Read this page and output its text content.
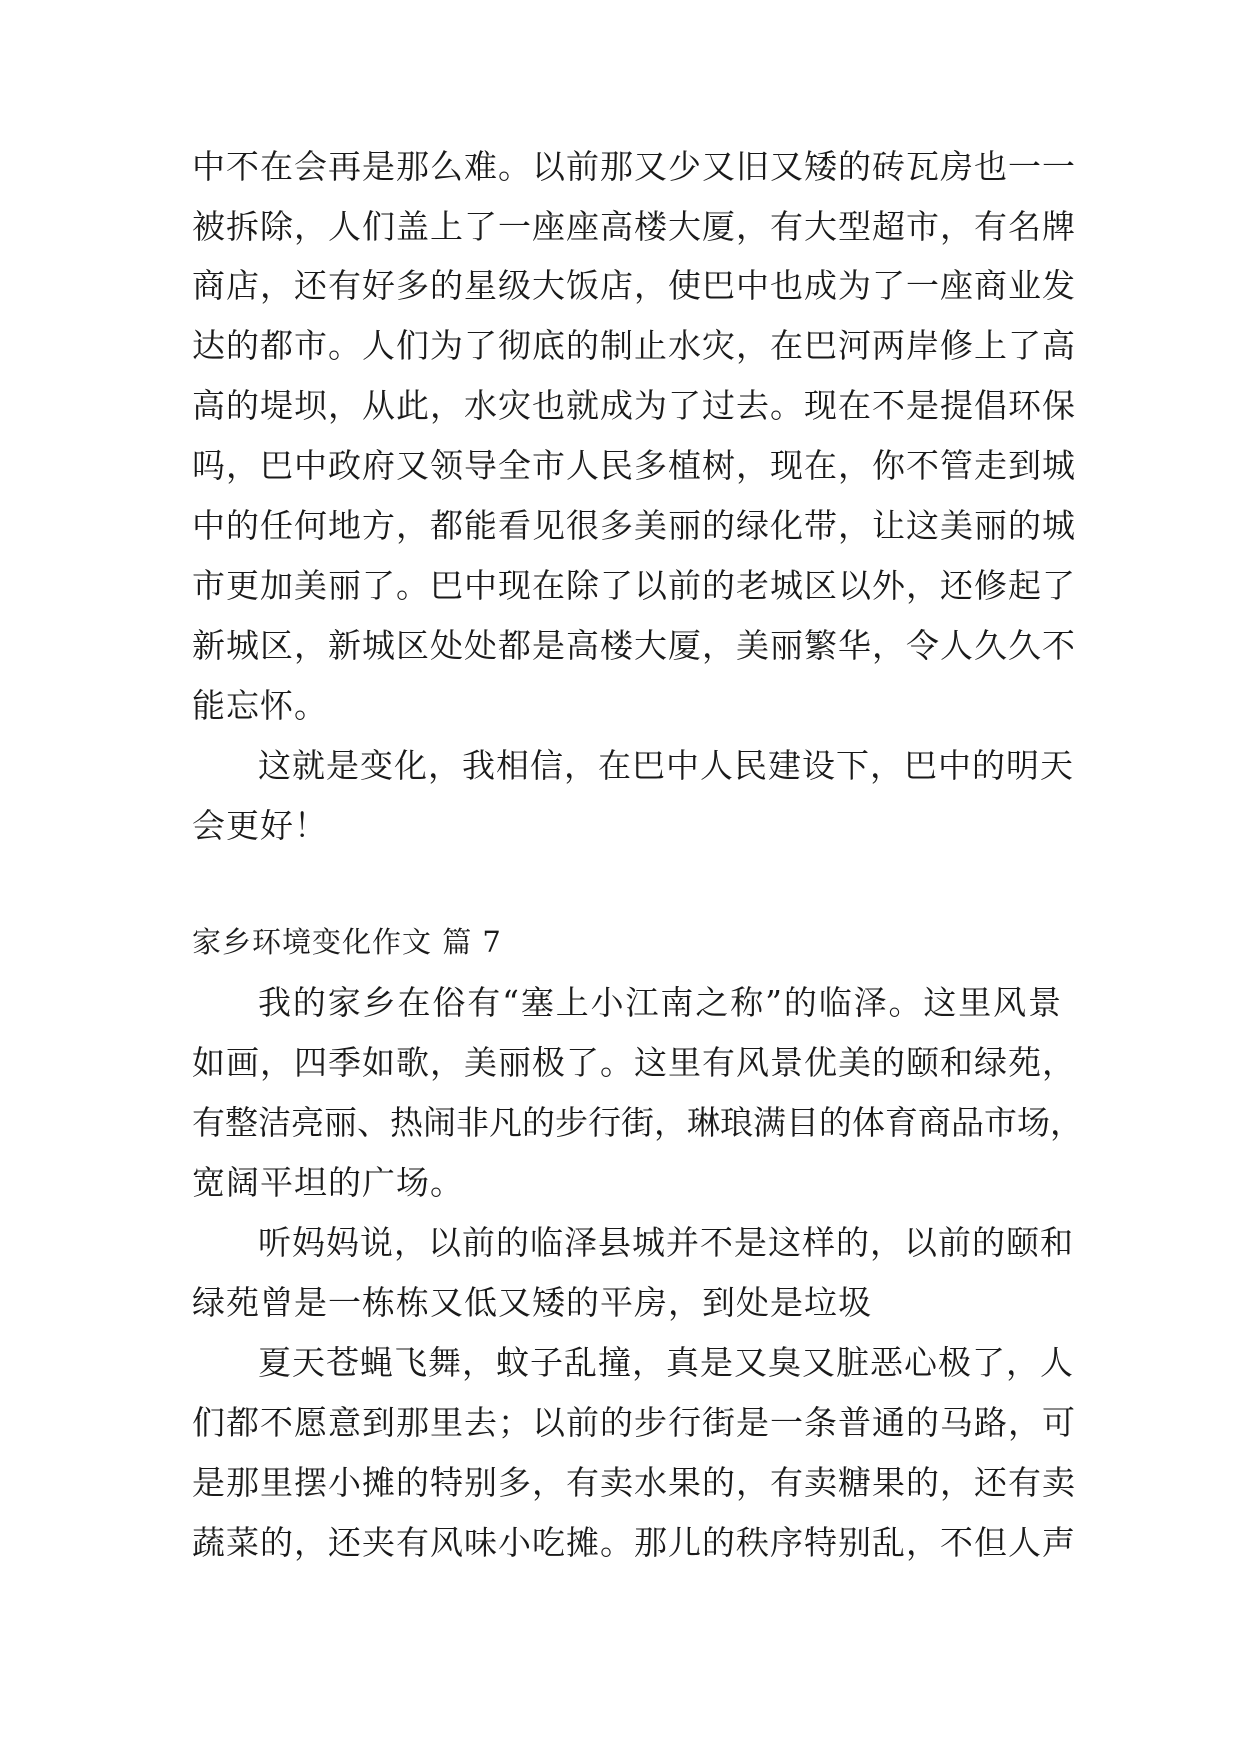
中不在会再是那么难。以前那又少又旧又矮的砖瓦房也一一
被拆除，人们盖上了一座座高楼大厦，有大型超市，有名牌
商店，还有好多的星级大饭店，使巴中也成为了一座商业发
达的都市。人们为了彻底的制止水灾，在巴河两岸修上了高
高的堤坝，从此，水灾也就成为了过去。现在不是提倡环保
吗，巴中政府又领导全市人民多植树，现在，你不管走到城
中的任何地方，都能看见很多美丽的绿化带，让这美丽的城
市更加美丽了。巴中现在除了以前的老城区以外，还修起了
新城区，新城区处处都是高楼大厦，美丽繁华，令人久久不
能忘怀。
这就是变化，我相信，在巴中人民建设下，巴中的明天
会更好！
家乡环境变化作文 篇 7
我的家乡在俗有“塞上小江南之称”的临泽。这里风景
如画，四季如歌，美丽极了。这里有风景优美的颐和绿苑，
有整洁亮丽、热闹非凡的步行街，琳琅满目的体育商品市场，
宽阔平坦的广场。
听妈妈说，以前的临泽县城并不是这样的，以前的颐和
绿苑曾是一栋栋又低又矮的平房，到处是垃圾
夏天苍蝇飞舞，蚊子乱撞，真是又臭又脏恶心极了，人
们都不愿意到那里去；以前的步行街是一条普通的马路，可
是那里摆小摊的特别多，有卖水果的，有卖糖果的，还有卖
蔬菜的，还夹有风味小吃摊。那儿的秩序特别乱，不但人声
